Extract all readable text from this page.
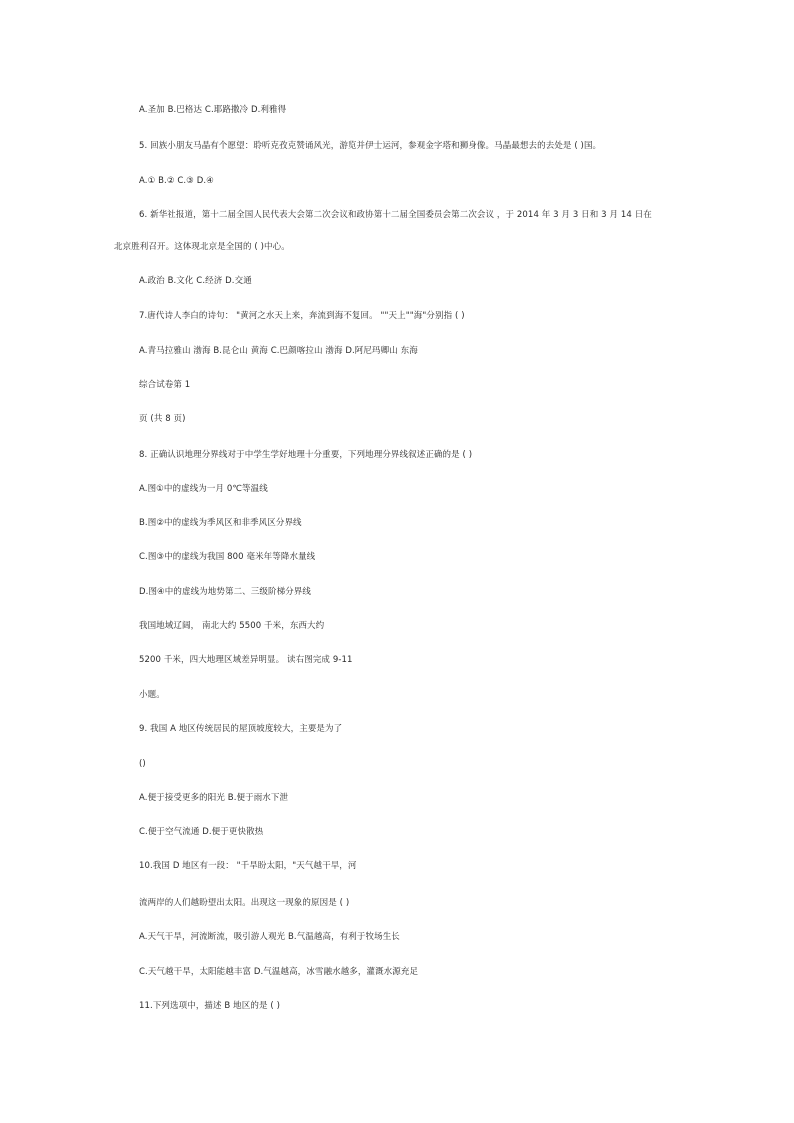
A.圣加 B.巴格达 C.耶路撒冷 D.利雅得

5. 回族小朋友马晶有个愿望：聆听克孜克赞诵风光，游览并伊士运河，参观金字塔和狮身像。马晶最想去的去处是 ( )国。

A.① B.② C.③ D.④

6. 新华社报道，第十二届全国人民代表大会第二次会议和政协第十二届全国委员会第二次会议 ，于 2014 年 3 月 3 日和 3 月 14 日在

北京胜利召开。这体现北京是全国的 ( )中心。

A.政治 B.文化 C.经济 D.交通

7.唐代诗人李白的诗句： "黄河之水天上来，奔流到海不复回。 ""天上""海"分别指 ( )

A.青马拉雅山 渤海 B.昆仑山 黄海 C.巴颜喀拉山 渤海 D.阿尼玛卿山 东海

综合试卷第 1

页 (共 8 页)

8. 正确认识地理分界线对于中学生学好地理十分重要，下列地理分界线叙述正确的是 ( )

A.图①中的虚线为一月 0℃等温线

B.图②中的虚线为季风区和非季风区分界线

C.图③中的虚线为我国 800 毫米年等降水量线

D.图④中的虚线为地势第二、三级阶梯分界线

我国地域辽阔， 南北大约 5500 千米，东西大约

5200 千米，四大地理区域差异明显。 读右图完成 9-11

小题。

9. 我国 A 地区传统居民的屋顶坡度较大，主要是为了

()

A.便于接受更多的阳光 B.便于雨水下泄

C.便于空气流通 D.便于更快散热

10.我国 D 地区有一段： "千旱盼太阳，"天气越干旱，河

流两岸的人们越盼望出太阳。出现这一现象的原因是 ( )

A.天气干旱，河流断流，吸引游人观光 B.气温越高，有利于牧场生长

C.天气越干旱，太阳能越丰富 D.气温越高，冰雪融水越多，灌溉水源充足

11.下列选项中，描述 B 地区的是 ( )
